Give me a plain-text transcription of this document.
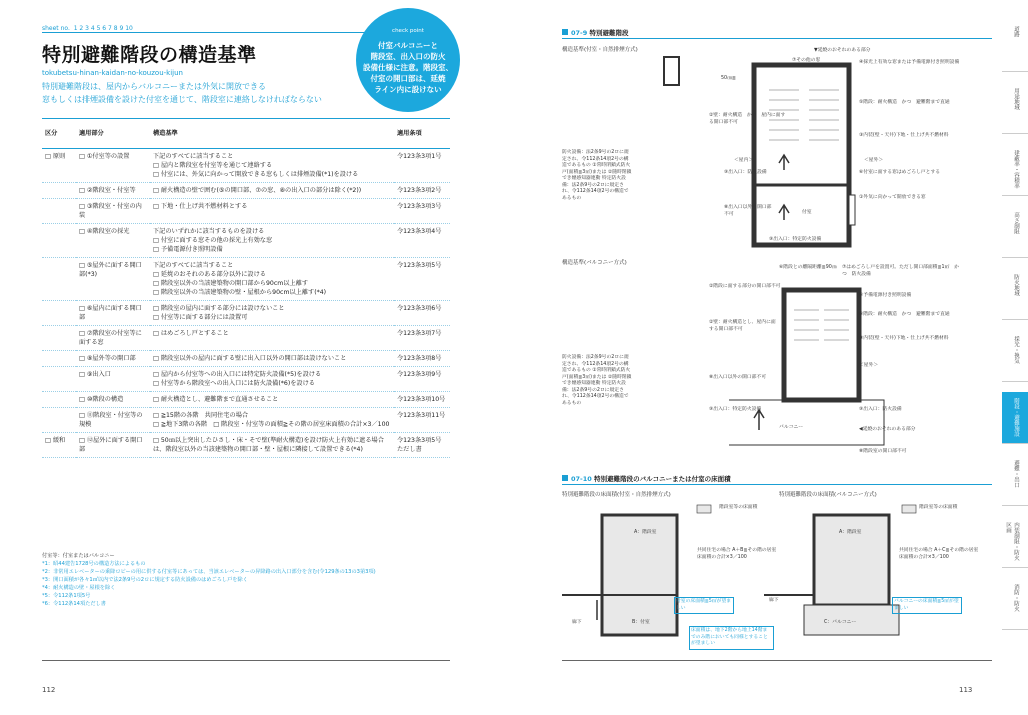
sheet no. 1 2 3 4 5 6 7 8 9 10	check point
付室バルコニーと
階段室、出入口の防火
設備仕様に注意。階段室、
付室の開口部は、延焼
ライン内に設けない
特別避難階段の構造基準
tokubetsu-hinan-kaidan-no-kouzou-kijun
特別避難階段は、屋内からバルコニーまたは外気に開放できる
窓もしくは排煙設備を設けた付室を通じて、階段室に連絡しなければならない
区分	適用部分	構造基準	適用条項
□ 原則	□ ①付室等の設置	下記のすべてに該当すること
□ 屋内と階段室を付室等を通じて連絡する
□ 付室には、外気に向かって開放できる窓もしくは排煙設備(*1)を設ける	令123条3項1号
	□ ②階段室・付室等	□ 耐火構造の壁で囲む(⑤の開口部、⑦の窓、⑧の出入口の部分は除く(*2))	令123条3項2号
	□ ③階段室・付室の内装	□ 下地・仕上げ共不燃材料とする	令123条3項3号
	□ ④階段室の採光	下記のいずれかに該当するものを設ける
□ 付室に面する窓その他の採光上有効な窓
□ 予備電源付き照明設備	令123条3項4号
	□ ⑤屋外に面する開口部(*3)	下記のすべてに該当すること
□ 延焼のおそれのある部分以外に設ける
□ 階段室以外の当該建築物の開口部から90cm以上離す
□ 階段室以外の当該建築物の壁・屋根から90cm以上離す(*4)	令123条3項5号
	□ ⑥屋内に面する開口部	□ 階段室の屋内に面する部分には設けないこと
□ 付室等に面する部分には設置可	令123条3項6号
	□ ⑦階段室の付室等に面する窓	□ はめごろし戸とすること	令123条3項7号
	□ ⑧屋外等の開口部	□ 階段室以外の屋内に面する壁に出入口以外の開口部は設けないこと	令123条3項8号
	□ ⑨出入口	□ 屋内から付室等への出入口には特定防火設備(*5)を設ける
□ 付室等から階段室への出入口には防火設備(*6)を設ける	令123条3項9号
	□ ⑩階段の構造	□ 耐火構造とし、避難階まで直通させること	令123条3項10号
	□ ⑪階段室・付室等の規模	□ ≧15階の各階　共同住宅の場合
□ ≧地下3階の各階　□ 階段室・付室等の面積≧その階の居室床面積の合計×3／100	令123条3項11号
□ 緩和	□ ⑫屋外に面する開口部	□ 50㎝以上突出したひさし・床・そで壁(準耐火構造)を設け防火上有効に遮る場合は、階段室以外の当該建築物の開口部・壁・屋根に隣接して設置できる(*4)	令123条3項5号ただし書
付室等：付室またはバルコニー
*1：昭44建告1728号の構造方法によるもの
*2：非常用エレベーターの乗降ロビーの用に供する付室等にあっては、当該エレベーターの昇降路の出入口部分を含む(令129条の13の3第3項)
*3：開口面積が各々1㎡以内で法2条9号の2ロに規定する防火設備のはめごろし戸を除く
*4：耐火構造の壁・屋根を除く
*5：令112条1項5号
*6：令112条14項ただし書
112
07-9 特別避難階段
構造基準(付室・自然排煙方式)
防火設備：法2条9号の2ロに規定され、令112条14項2号の構造であるもの ①常時閉鎖式防火戸(面積≦3㎡)または ②随時閉鎖でき煙感知器連動 特定防火設備：法2条9号の2ロに規定され、令112条14項2号の構造であるもの
50㎝≦
▼延焼のおそれのある部分
⑦その他の窓	④採光上有効な窓または予備電源付き照明設備
⑤階段：耐火構造　かつ　避難階まで直通
②壁：耐火構造　かつ　屋内に面する開口部不可
③内装(壁・天井)下地・仕上げ共不燃材料
⑥付室に面する窓はめごろし戸とする
①外気に向かって開放できる窓
⑨出入口：特定防火設備
⑨出入口：防火設備
⑧出入口以外の開口部不可	付室
＜屋内＞	＜屋外＞
構造基準(バルコニー方式)
防火設備：法2条9号の2ロに規定され、令112条14項2号の構造であるもの ①常時閉鎖式防火戸(面積≦3㎡)または ②随時閉鎖でき煙感知器連動 特定防火設備：法2条9号の2ロに規定され、令112条14項2号の構造であるもの
⑥階段との離隔距離≧90㎝	⑦はめごろし戸を設置可。ただし開口部面積≦1㎡　かつ　防火設備
②階段に面する部分の開口部不可
④予備電源付き照明設備
⑤階段：耐火構造　かつ　避難階まで直通
②壁：耐火構造とし、屋内に面する開口部不可
③内装(壁・天井)下地・仕上げ共不燃材料
⑧出入口以外の開口部不可
⑨出入口：特定防火設備	⑨出入口：防火設備
バルコニー
＜屋外＞
◀延焼のおそれのある部分
⑧階段室の開口部不可
07-10 特別避難階段のバルコニーまたは付室の床面積
特別避難階段の床面積(付室・自然排煙方式)
階段室等の床面積
A：階段室
B：付室
廊下
共同住宅の場合 A＋B≧その階の居室床面積の合計×3／100
付室の床面積≧5㎡が望ましい
床面積は、地下2階から地上14階までのみ階においても同様とすることが望ましい
特別避難階段の床面積(バルコニー方式)
階段室等の床面積
A：階段室
C：バルコニー
廊下
共同住宅の場合 A＋C≧その階の居室床面積の合計×3／100
バルコニーの床面積≧5㎡が望ましい
113
道路
用途地域
建蔽率・容積率
高さ制限
防火地域
採光・換気
階段・避難施設
避難・出口
内装制限・防火区画
消防・防火
